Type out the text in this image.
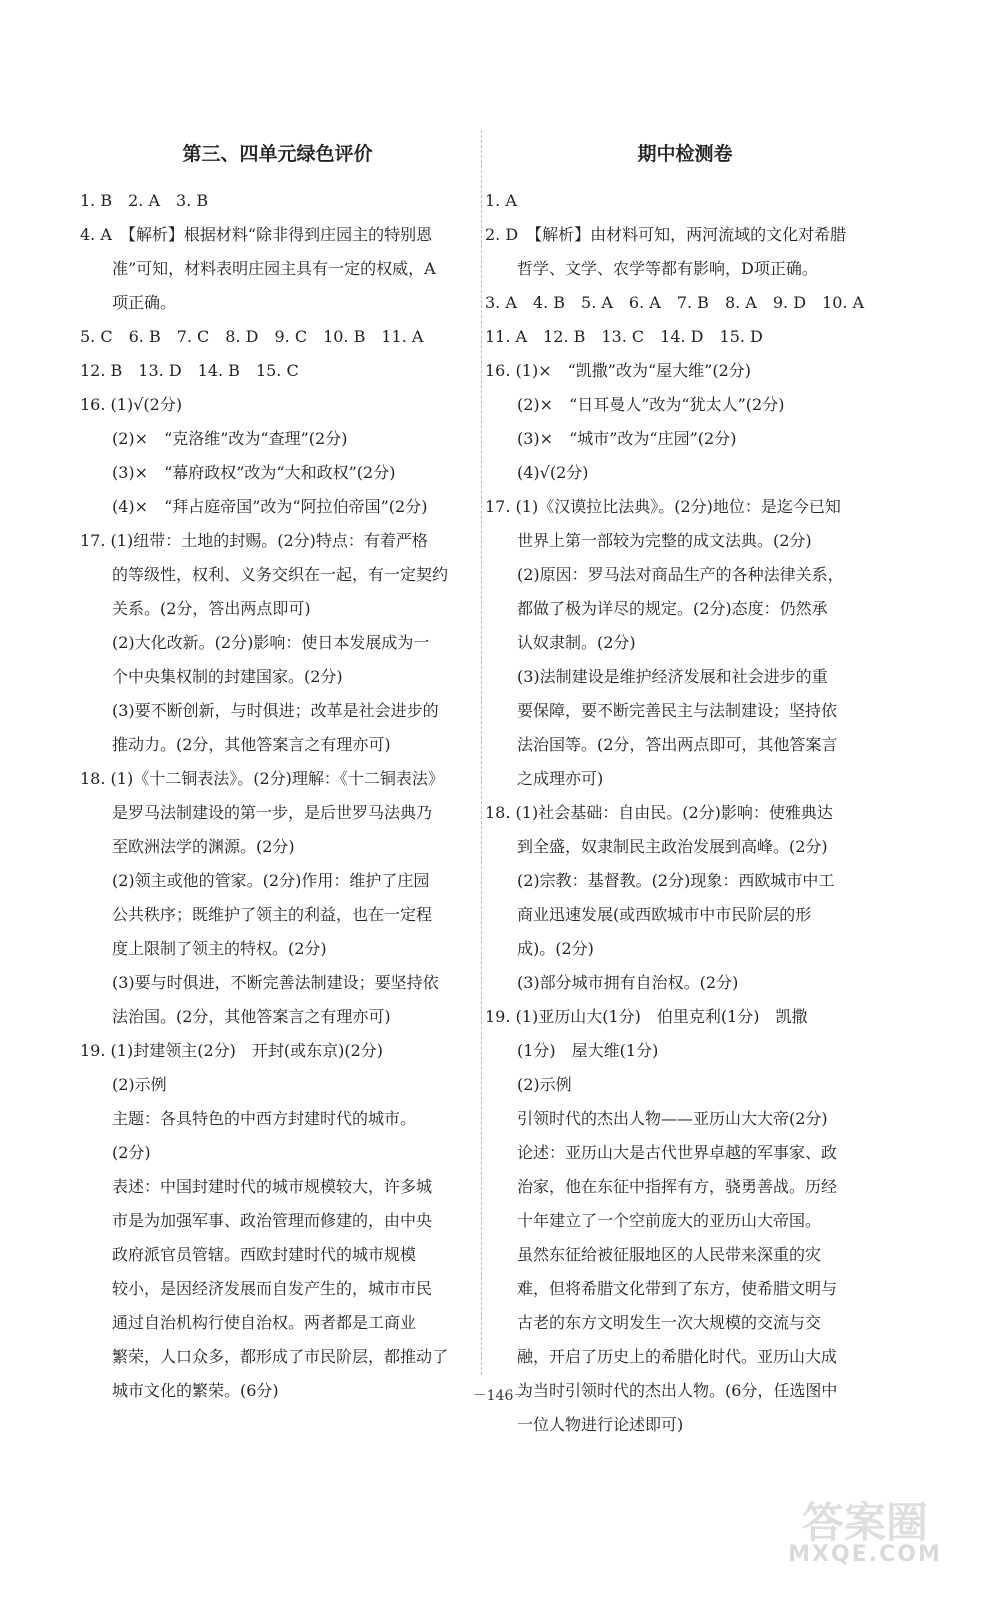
第三、四单元绿色评价
1. B　2. A　3. B
4. A　【解析】根据材料“除非得到庄园主的特别恩
准”可知，材料表明庄园主具有一定的权威，A
项正确。
5. C　6. B　7. C　8. D　9. C　10. B　11. A
12. B　13. D　14. B　15. C
16. (1)√(2分)
(2)×　“克洛维”改为“查理”(2分)
(3)×　“幕府政权”改为“大和政权”(2分)
(4)×　“拜占庭帝国”改为“阿拉伯帝国”(2分)
17. (1)纽带：土地的封赐。(2分)特点：有着严格
的等级性，权利、义务交织在一起，有一定契约
关系。(2分，答出两点即可)
(2)大化改新。(2分)影响：使日本发展成为一
个中央集权制的封建国家。(2分)
(3)要不断创新，与时俱进；改革是社会进步的
推动力。(2分，其他答案言之有理亦可)
18. (1)《十二铜表法》。(2分)理解：《十二铜表法》
是罗马法制建设的第一步，是后世罗马法典乃
至欧洲法学的渊源。(2分)
(2)领主或他的管家。(2分)作用：维护了庄园
公共秩序；既维护了领主的利益，也在一定程
度上限制了领主的特权。(2分)
(3)要与时俱进，不断完善法制建设；要坚持依
法治国。(2分，其他答案言之有理亦可)
19. (1)封建领主(2分)　开封(或东京)(2分)
(2)示例
主题：各具特色的中西方封建时代的城市。
(2分)
表述：中国封建时代的城市规模较大，许多城
市是为加强军事、政治管理而修建的，由中央
政府派官员管辖。西欧封建时代的城市规模
较小，是因经济发展而自发产生的，城市市民
通过自治机构行使自治权。两者都是工商业
繁荣，人口众多，都形成了市民阶层，都推动了
城市文化的繁荣。(6分)
期中检测卷
1. A
2. D　【解析】由材料可知，两河流域的文化对希腊
哲学、文学、农学等都有影响，D项正确。
3. A　4. B　5. A　6. A　7. B　8. A　9. D　10. A
11. A　12. B　13. C　14. D　15. D
16. (1)×　“凯撒”改为“屋大维”(2分)
(2)×　“日耳曼人”改为“犹太人”(2分)
(3)×　“城市”改为“庄园”(2分)
(4)√(2分)
17. (1)《汉谟拉比法典》。(2分)地位：是迄今已知
世界上第一部较为完整的成文法典。(2分)
(2)原因：罗马法对商品生产的各种法律关系，
都做了极为详尽的规定。(2分)态度：仍然承
认奴隶制。(2分)
(3)法制建设是维护经济发展和社会进步的重
要保障，要不断完善民主与法制建设；坚持依
法治国等。(2分，答出两点即可，其他答案言
之成理亦可)
18. (1)社会基础：自由民。(2分)影响：使雅典达
到全盛，奴隶制民主政治发展到高峰。(2分)
(2)宗教：基督教。(2分)现象：西欧城市中工
商业迅速发展(或西欧城市中市民阶层的形
成)。(2分)
(3)部分城市拥有自治权。(2分)
19. (1)亚历山大(1分)　伯里克利(1分)　凯撒
(1分)　屋大维(1分)
(2)示例
引领时代的杰出人物——亚历山大大帝(2分)
论述：亚历山大是古代世界卓越的军事家、政
治家，他在东征中指挥有方，骁勇善战。历经
十年建立了一个空前庞大的亚历山大帝国。
虽然东征给被征服地区的人民带来深重的灾
难，但将希腊文化带到了东方，使希腊文明与
古老的东方文明发生一次大规模的交流与交
融，开启了历史上的希腊化时代。亚历山大成
为当时引领时代的杰出人物。(6分，任选图中
一位人物进行论述即可)
－146－
答案圈
MXQE.COM
